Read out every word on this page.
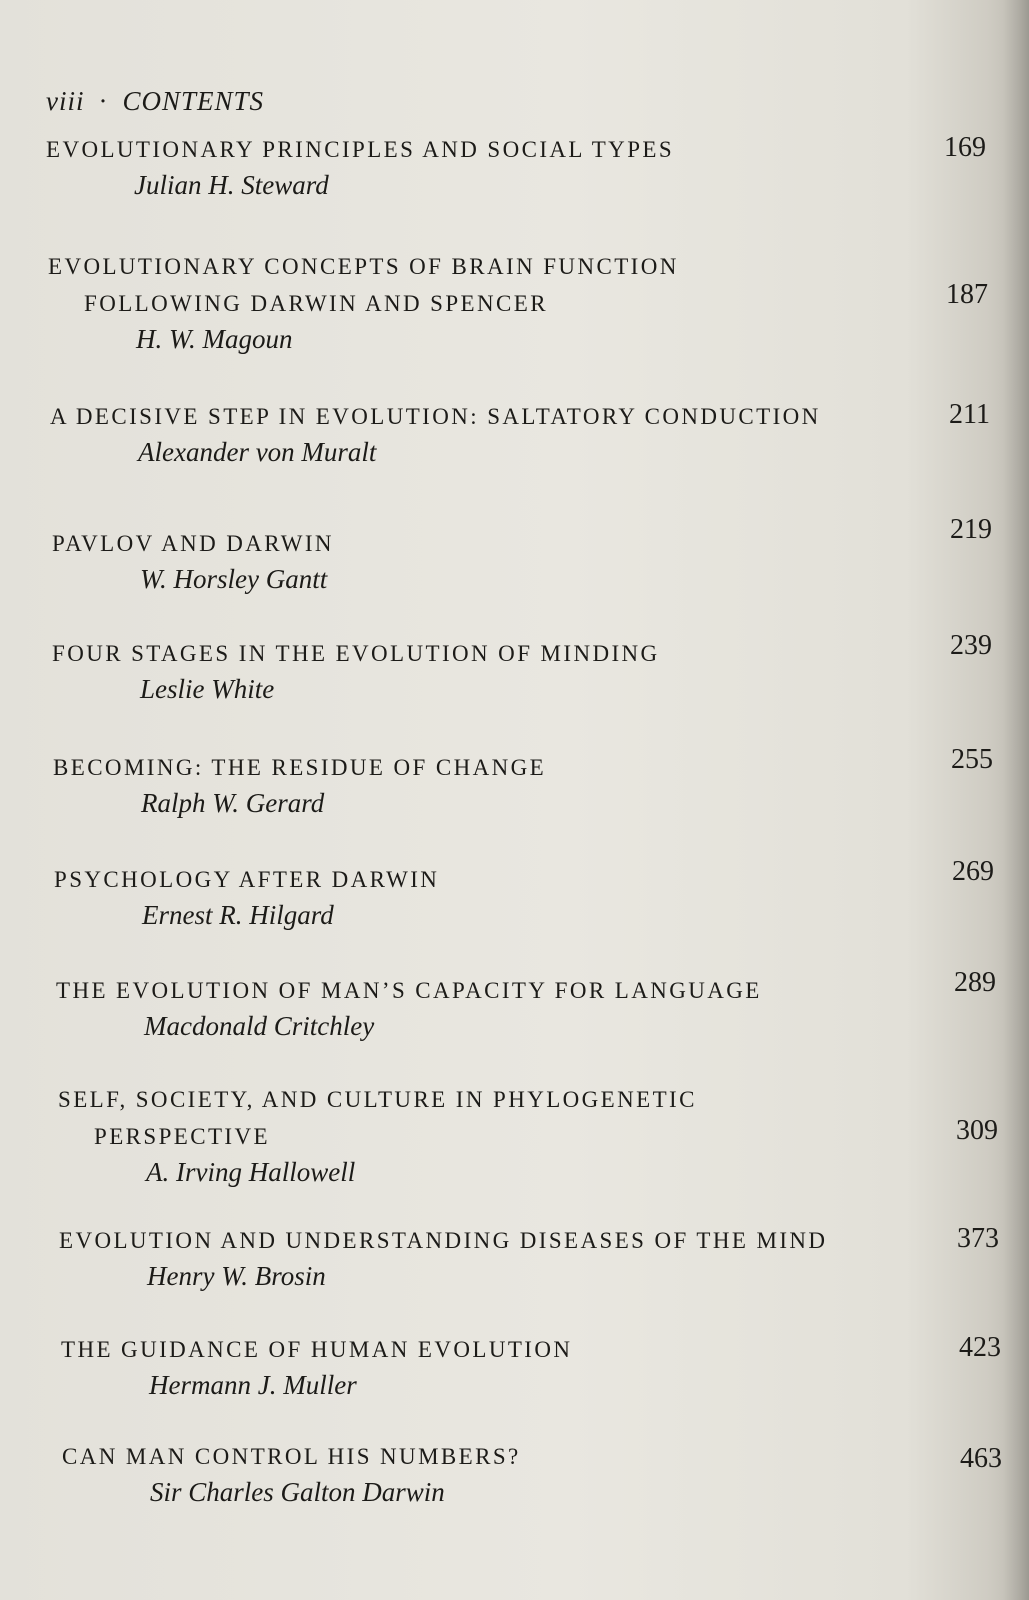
viii · CONTENTS
EVOLUTIONARY PRINCIPLES AND SOCIAL TYPES
Julian H. Steward
169
EVOLUTIONARY CONCEPTS OF BRAIN FUNCTION
FOLLOWING DARWIN AND SPENCER
H. W. Magoun
187
A DECISIVE STEP IN EVOLUTION: SALTATORY CONDUCTION
Alexander von Muralt
211
PAVLOV AND DARWIN
W. Horsley Gantt
219
FOUR STAGES IN THE EVOLUTION OF MINDING
Leslie White
239
BECOMING: THE RESIDUE OF CHANGE
Ralph W. Gerard
255
PSYCHOLOGY AFTER DARWIN
Ernest R. Hilgard
269
THE EVOLUTION OF MAN’S CAPACITY FOR LANGUAGE
Macdonald Critchley
289
SELF, SOCIETY, AND CULTURE IN PHYLOGENETIC
PERSPECTIVE
A. Irving Hallowell
309
EVOLUTION AND UNDERSTANDING DISEASES OF THE MIND
Henry W. Brosin
373
THE GUIDANCE OF HUMAN EVOLUTION
Hermann J. Muller
423
CAN MAN CONTROL HIS NUMBERS?
Sir Charles Galton Darwin
463
